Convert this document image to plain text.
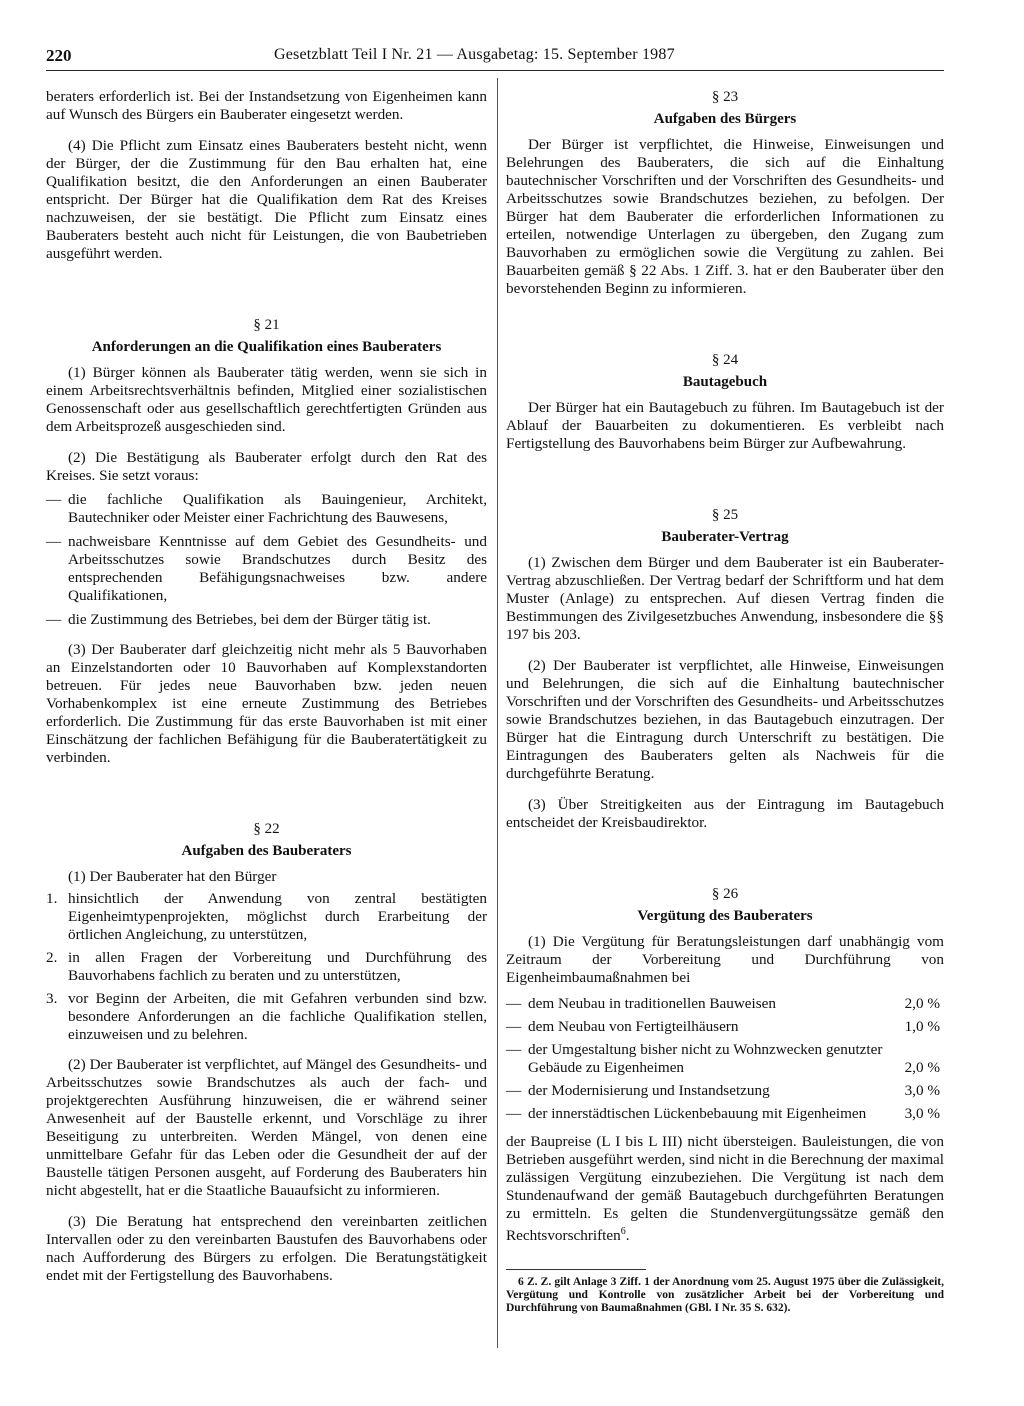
220	Gesetzblatt Teil I Nr. 21 — Ausgabetag: 15. September 1987

beraters erforderlich ist. Bei der Instandsetzung von Eigenheimen kann auf Wunsch des Bürgers ein Bauberater eingesetzt werden.

(4) Die Pflicht zum Einsatz eines Bauberaters besteht nicht, wenn der Bürger, der die Zustimmung für den Bau erhalten hat, eine Qualifikation besitzt, die den Anforderungen an einen Bauberater entspricht. Der Bürger hat die Qualifikation dem Rat des Kreises nachzuweisen, der sie bestätigt. Die Pflicht zum Einsatz eines Bauberaters besteht auch nicht für Leistungen, die von Baubetrieben ausgeführt werden.

§ 21
Anforderungen an die Qualifikation eines Bauberaters

(1) Bürger können als Bauberater tätig werden, wenn sie sich in einem Arbeitsrechtsverhältnis befinden, Mitglied einer sozialistischen Genossenschaft oder aus gesellschaftlich gerechtfertigten Gründen aus dem Arbeitsprozeß ausgeschieden sind.

(2) Die Bestätigung als Bauberater erfolgt durch den Rat des Kreises. Sie setzt voraus:

— die fachliche Qualifikation als Bauingenieur, Architekt, Bautechniker oder Meister einer Fachrichtung des Bauwesens,
— nachweisbare Kenntnisse auf dem Gebiet des Gesundheits- und Arbeitsschutzes sowie Brandschutzes durch Besitz des entsprechenden Befähigungsnachweises bzw. andere Qualifikationen,
— die Zustimmung des Betriebes, bei dem der Bürger tätig ist.

(3) Der Bauberater darf gleichzeitig nicht mehr als 5 Bauvorhaben an Einzelstandorten oder 10 Bauvorhaben auf Komplexstandorten betreuen. Für jedes neue Bauvorhaben bzw. jeden neuen Vorhabenkomplex ist eine erneute Zustimmung des Betriebes erforderlich. Die Zustimmung für das erste Bauvorhaben ist mit einer Einschätzung der fachlichen Befähigung für die Bauberatertätigkeit zu verbinden.

§ 22
Aufgaben des Bauberaters

(1) Der Bauberater hat den Bürger

1. hinsichtlich der Anwendung von zentral bestätigten Eigenheimtypenprojekten, möglichst durch Erarbeitung der örtlichen Angleichung, zu unterstützen,
2. in allen Fragen der Vorbereitung und Durchführung des Bauvorhabens fachlich zu beraten und zu unterstützen,
3. vor Beginn der Arbeiten, die mit Gefahren verbunden sind bzw. besondere Anforderungen an die fachliche Qualifikation stellen, einzuweisen und zu belehren.

(2) Der Bauberater ist verpflichtet, auf Mängel des Gesundheits- und Arbeitsschutzes sowie Brandschutzes als auch der fach- und projektgerechten Ausführung hinzuweisen, die er während seiner Anwesenheit auf der Baustelle erkennt, und Vorschläge zu ihrer Beseitigung zu unterbreiten. Werden Mängel, von denen eine unmittelbare Gefahr für das Leben oder die Gesundheit der auf der Baustelle tätigen Personen ausgeht, auf Forderung des Bauberaters hin nicht abgestellt, hat er die Staatliche Bauaufsicht zu informieren.

(3) Die Beratung hat entsprechend den vereinbarten zeitlichen Intervallen oder zu den vereinbarten Baustufen des Bauvorhabens oder nach Aufforderung des Bürgers zu erfolgen. Die Beratungstätigkeit endet mit der Fertigstellung des Bauvorhabens.

§ 23
Aufgaben des Bürgers

Der Bürger ist verpflichtet, die Hinweise, Einweisungen und Belehrungen des Bauberaters, die sich auf die Einhaltung bautechnischer Vorschriften und der Vorschriften des Gesundheits- und Arbeitsschutzes sowie Brandschutzes beziehen, zu befolgen. Der Bürger hat dem Bauberater die erforderlichen Informationen zu erteilen, notwendige Unterlagen zu übergeben, den Zugang zum Bauvorhaben zu ermöglichen sowie die Vergütung zu zahlen. Bei Bauarbeiten gemäß § 22 Abs. 1 Ziff. 3. hat er den Bauberater über den bevorstehenden Beginn zu informieren.

§ 24
Bautagebuch

Der Bürger hat ein Bautagebuch zu führen. Im Bautagebuch ist der Ablauf der Bauarbeiten zu dokumentieren. Es verbleibt nach Fertigstellung des Bauvorhabens beim Bürger zur Aufbewahrung.

§ 25
Bauberater-Vertrag

(1) Zwischen dem Bürger und dem Bauberater ist ein Bauberater-Vertrag abzuschließen. Der Vertrag bedarf der Schriftform und hat dem Muster (Anlage) zu entsprechen. Auf diesen Vertrag finden die Bestimmungen des Zivilgesetzbuches Anwendung, insbesondere die §§ 197 bis 203.

(2) Der Bauberater ist verpflichtet, alle Hinweise, Einweisungen und Belehrungen, die sich auf die Einhaltung bautechnischer Vorschriften und der Vorschriften des Gesundheits- und Arbeitsschutzes sowie Brandschutzes beziehen, in das Bautagebuch einzutragen. Der Bürger hat die Eintragung durch Unterschrift zu bestätigen. Die Eintragungen des Bauberaters gelten als Nachweis für die durchgeführte Beratung.

(3) Über Streitigkeiten aus der Eintragung im Bautagebuch entscheidet der Kreisbaudirektor.

§ 26
Vergütung des Bauberaters

(1) Die Vergütung für Beratungsleistungen darf unabhängig vom Zeitraum der Vorbereitung und Durchführung von Eigenheimbaumaßnahmen bei

— dem Neubau in traditionellen Bauweisen	2,0 %
— dem Neubau von Fertigteilhäusern	1,0 %
— der Umgestaltung bisher nicht zu Wohnzwecken genutzter Gebäude zu Eigenheimen	2,0 %
— der Modernisierung und Instandsetzung	3,0 %
— der innerstädtischen Lückenbebauung mit Eigenheimen	3,0 %

der Baupreise (L I bis L III) nicht übersteigen. Bauleistungen, die von Betrieben ausgeführt werden, sind nicht in die Berechnung der maximal zulässigen Vergütung einzubeziehen. Die Vergütung ist nach dem Stundenaufwand der gemäß Bautagebuch durchgeführten Beratungen zu ermitteln. Es gelten die Stundenvergütungssätze gemäß den Rechtsvorschriften$^6$.

6 Z. Z. gilt Anlage 3 Ziff. 1 der Anordnung vom 25. August 1975 über die Zulässigkeit, Vergütung und Kontrolle von zusätzlicher Arbeit bei der Vorbereitung und Durchführung von Baumaßnahmen (GBl. I Nr. 35 S. 632).
